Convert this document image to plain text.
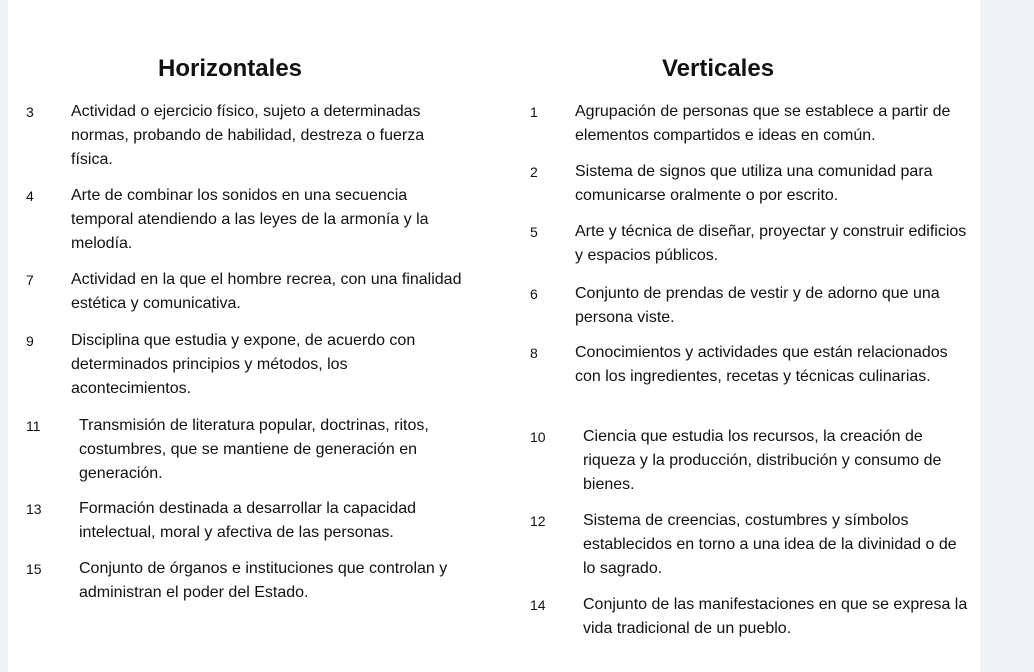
Horizontales	Verticales
3 Actividad o ejercicio físico, sujeto a determinadas normas, probando de habilidad, destreza o fuerza física.
4 Arte de combinar los sonidos en una secuencia temporal atendiendo a las leyes de la armonía y la melodía.
7 Actividad en la que el hombre recrea, con una finalidad estética y comunicativa.
9 Disciplina que estudia y expone, de acuerdo con determinados principios y métodos, los acontecimientos.
11 Transmisión de literatura popular, doctrinas, ritos, costumbres, que se mantiene de generación en generación.
13 Formación destinada a desarrollar la capacidad intelectual, moral y afectiva de las personas.
15 Conjunto de órganos e instituciones que controlan y administran el poder del Estado.
1 Agrupación de personas que se establece a partir de elementos compartidos e ideas en común.
2 Sistema de signos que utiliza una comunidad para comunicarse oralmente o por escrito.
5 Arte y técnica de diseñar, proyectar y construir edificios y espacios públicos.
6 Conjunto de prendas de vestir y de adorno que una persona viste.
8 Conocimientos y actividades que están relacionados con los ingredientes, recetas y técnicas culinarias.
10 Ciencia que estudia los recursos, la creación de riqueza y la producción, distribución y consumo de bienes.
12 Sistema de creencias, costumbres y símbolos establecidos en torno a una idea de la divinidad o de lo sagrado.
14 Conjunto de las manifestaciones en que se expresa la vida tradicional de un pueblo.
